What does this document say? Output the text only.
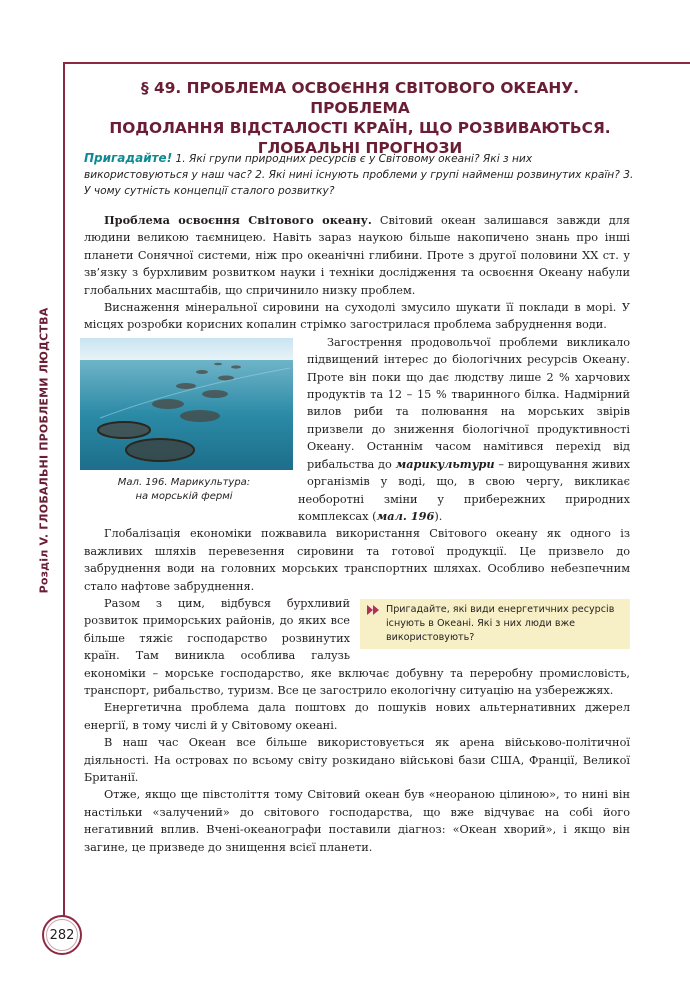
Розділ V. ГЛОБАЛЬНІ ПРОБЛЕМИ ЛЮДСТВА
282
§ 49. ПРОБЛЕМА ОСВОЄННЯ СВІТОВОГО ОКЕАНУ. ПРОБЛЕМА
ПОДОЛАННЯ ВІДСТАЛОСТІ КРАЇН, ЩО РОЗВИВАЮТЬСЯ.
ГЛОБАЛЬНІ ПРОГНОЗИ
Пригадайте! 1. Які групи природних ресурсів є у Світовому океані? Які з них використовуються у наш час? 2. Які нині існують проблеми у групі найменш розвинутих країн? 3. У чому сутність концепції сталого розвитку?

Проблема освоєння Світового океану. Світовий океан залишався завжди для людини великою таємницею. Навіть зараз наукою більше накопичено знань про інші планети Сонячної системи, ніж про океанічні глибини. Проте з другої половини XX ст. у зв’язку з бурхливим розвитком науки і техніки дослідження та освоєння Океану набули глобальних масштабів, що спричинило низку проблем.

Виснаження мінеральної сировини на суходолі змусило шукати її поклади в морі. У місцях розробки корисних копалин стрімко загострилася проблема забруднення води.

Мал. 196. Марикультура:
на морській фермі

Загострення продовольчої проблеми викликало підвищений інтерес до біологічних ресурсів Океану. Проте він поки що дає людству лише 2 % харчових продуктів та 12 – 15 % тваринного білка. Надмірний вилов риби та полювання на морських звірів призвели до зниження біологічної продуктивності Океану. Останнім часом намітився перехід від рибальства до марикультури – вирощування живих організмів у воді, що, в свою чергу, викликає необоротні зміни у прибережних природних комплексах (мал. 196).

Глобалізація економіки пожвавила використання Світового океану як одного із важливих шляхів перевезення сировини та готової продукції. Це призвело до забруднення води на головних морських транспортних шляхах. Особливо небезпечним стало нафтове забруднення.

Пригадайте, які види енергетичних ресурсів існують в Океані. Які з них люди вже використовують?

Разом з цим, відбувся бурхливий розвиток приморських районів, до яких все більше тяжіє господарство розвинутих країн. Там виникла особлива галузь економіки – морське господарство, яке включає добувну та переробну промисловість, транспорт, рибальство, туризм. Все це загострило екологічну ситуацію на узбережжях.

Енергетична проблема дала поштовх до пошуків нових альтернативних джерел енергії, в тому числі й у Світовому океані.

В наш час Океан все більше використовується як арена військово-політичної діяльності. На островах по всьому світу розкидано військові бази США, Франції, Великої Британії.

Отже, якщо ще півстоліття тому Світовий океан був «неораною цілиною», то нині він настільки «залучений» до світового господарства, що вже відчуває на собі його негативний вплив. Вчені-океанографи поставили діагноз: «Океан хворий», і якщо він загине, це призведе до знищення всієї планети.
